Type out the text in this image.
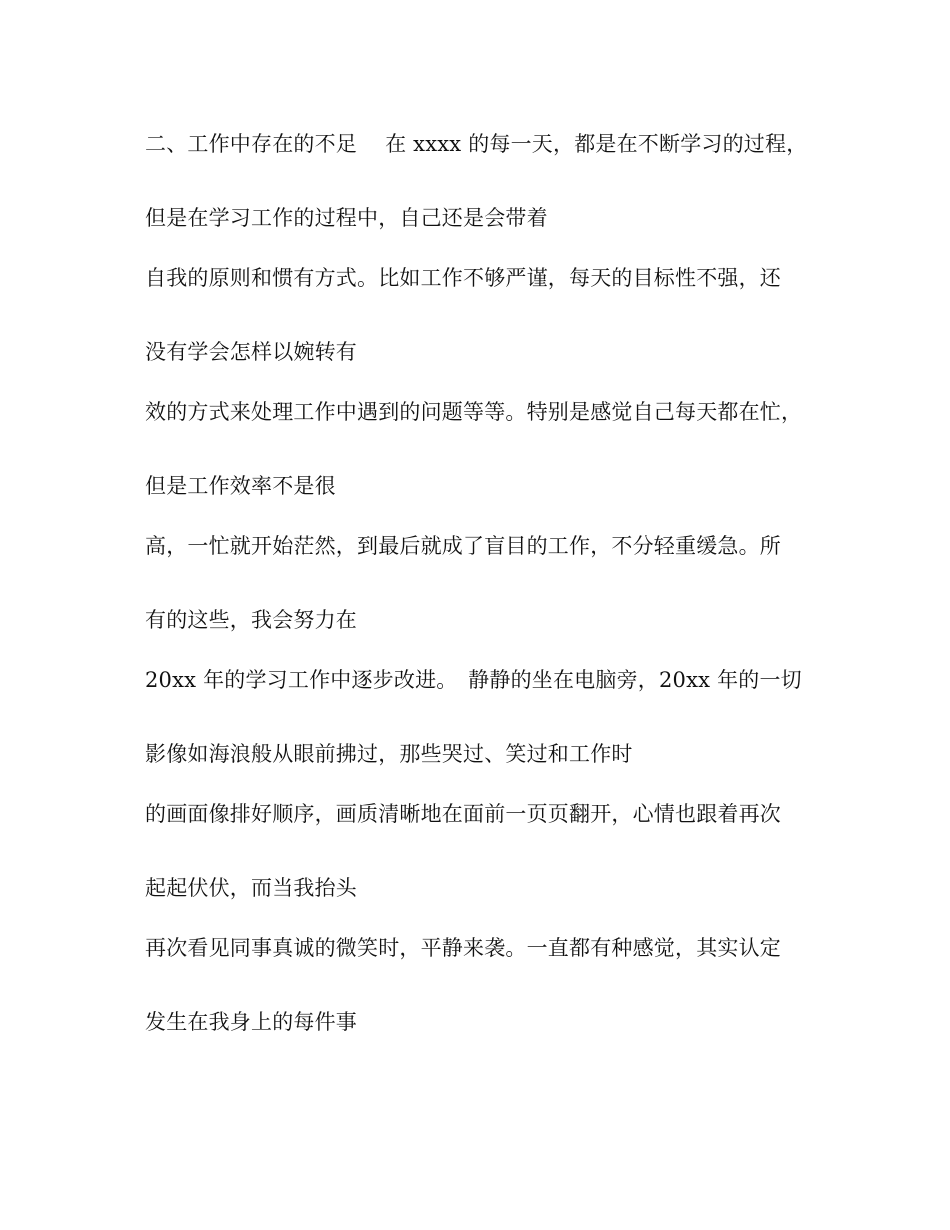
二、工作中存在的不足　 在 xxxx 的每一天，都是在不断学习的过程，

但是在学习工作的过程中，自己还是会带着

自我的原则和惯有方式。比如工作不够严谨，每天的目标性不强，还

没有学会怎样以婉转有

效的方式来处理工作中遇到的问题等等。特别是感觉自己每天都在忙，

但是工作效率不是很

高，一忙就开始茫然，到最后就成了盲目的工作，不分轻重缓急。所

有的这些，我会努力在

20xx 年的学习工作中逐步改进。　静静的坐在电脑旁，20xx 年的一切

影像如海浪般从眼前拂过，那些哭过、笑过和工作时

的画面像排好顺序，画质清晰地在面前一页页翻开，心情也跟着再次

起起伏伏，而当我抬头

再次看见同事真诚的微笑时，平静来袭。一直都有种感觉，其实认定

发生在我身上的每件事
